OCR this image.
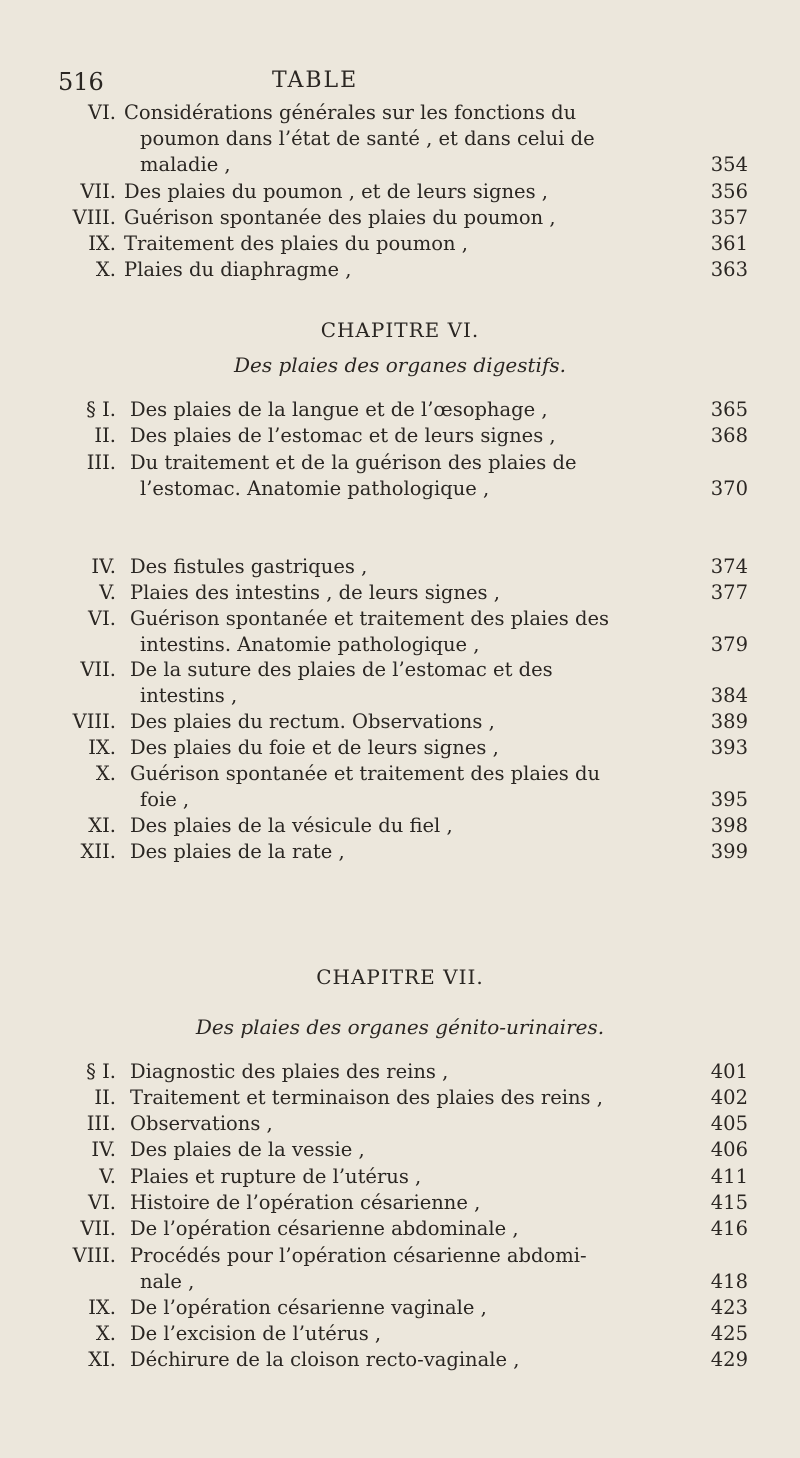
516	TABLE
VI. Considérations générales sur les fonctions du
poumon dans l’état de santé , et dans celui de
maladie ,	354
VII. Des plaies du poumon , et de leurs signes ,	356
VIII. Guérison spontanée des plaies du poumon ,	357
IX. Traitement des plaies du poumon ,	361
X. Plaies du diaphragme ,	363
CHAPITRE VI.
Des plaies des organes digestifs.
§ I. Des plaies de la langue et de l’œsophage ,	365
II. Des plaies de l’estomac et de leurs signes ,	368
III. Du traitement et de la guérison des plaies de
l’estomac. Anatomie pathologique ,	370
IV. Des fistules gastriques ,	374
V. Plaies des intestins , de leurs signes ,	377
VI. Guérison spontanée et traitement des plaies des
intestins. Anatomie pathologique ,	379
VII. De la suture des plaies de l’estomac et des
intestins ,	384
VIII. Des plaies du rectum. Observations ,	389
IX. Des plaies du foie et de leurs signes ,	393
X. Guérison spontanée et traitement des plaies du
foie ,	395
XI. Des plaies de la vésicule du fiel ,	398
XII. Des plaies de la rate ,	399
CHAPITRE VII.
Des plaies des organes génito-urinaires.
§ I. Diagnostic des plaies des reins ,	401
II. Traitement et terminaison des plaies des reins ,	402
III. Observations ,	405
IV. Des plaies de la vessie ,	406
V. Plaies et rupture de l’utérus ,	411
VI. Histoire de l’opération césarienne ,	415
VII. De l’opération césarienne abdominale ,	416
VIII. Procédés pour l’opération césarienne abdomi-
nale ,	418
IX. De l’opération césarienne vaginale ,	423
X. De l’excision de l’utérus ,	425
XI. Déchirure de la cloison recto-vaginale ,	429
